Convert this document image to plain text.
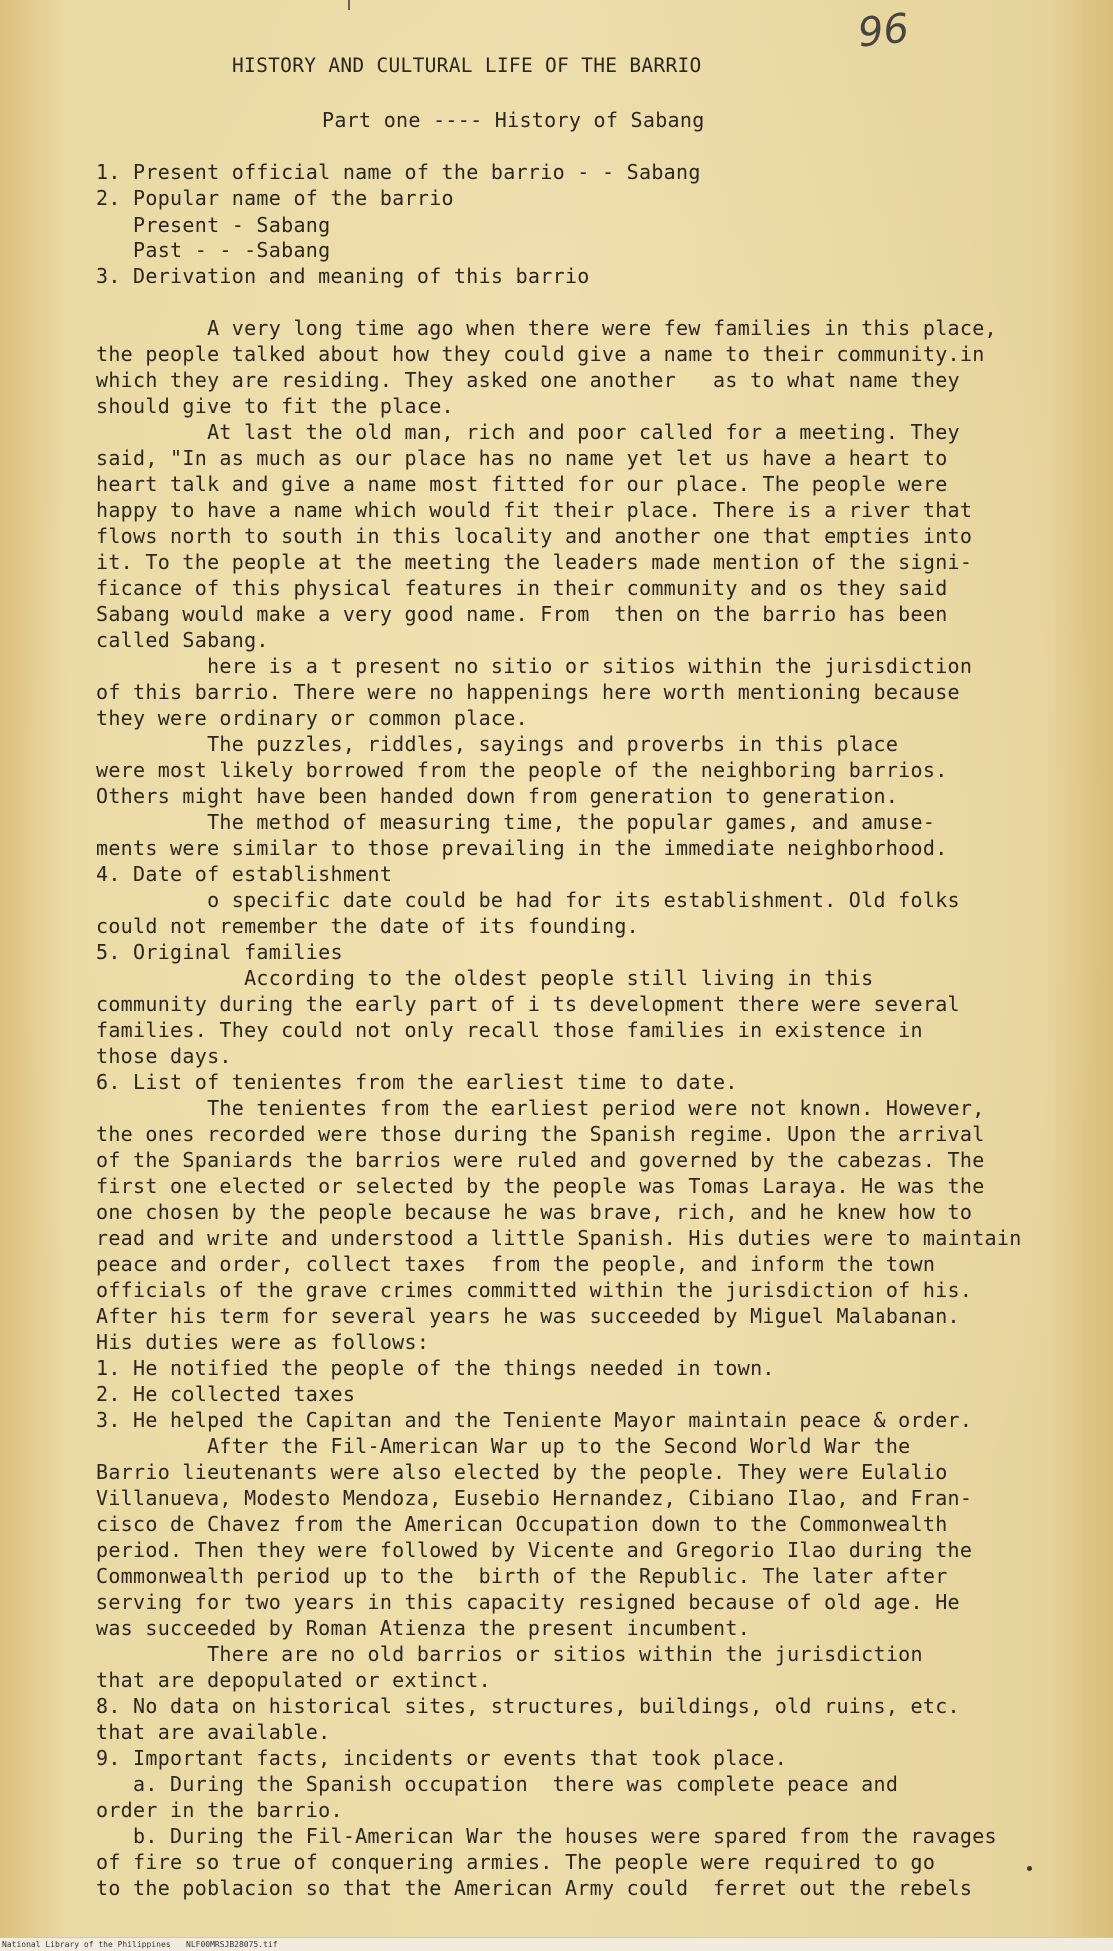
96
HISTORY AND CULTURAL LIFE OF THE BARRIO
Part one ---- History of Sabang
1. Present official name of the barrio - - Sabang
2. Popular name of the barrio
Present - Sabang
Past - - -Sabang
3. Derivation and meaning of this barrio
A very long time ago when there were few families in this place,
the people talked about how they could give a name to their community.in
which they are residing. They asked one another   as to what name they
should give to fit the place.
At last the old man, rich and poor called for a meeting. They
said, "In as much as our place has no name yet let us have a heart to
heart talk and give a name most fitted for our place. The people were
happy to have a name which would fit their place. There is a river that
flows north to south in this locality and another one that empties into
it. To the people at the meeting the leaders made mention of the signi-
ficance of this physical features in their community and os they said
Sabang would make a very good name. From  then on the barrio has been
called Sabang.
here is a t present no sitio or sitios within the jurisdiction
of this barrio. There were no happenings here worth mentioning because
they were ordinary or common place.
The puzzles, riddles, sayings and proverbs in this place
were most likely borrowed from the people of the neighboring barrios.
Others might have been handed down from generation to generation.
The method of measuring time, the popular games, and amuse-
ments were similar to those prevailing in the immediate neighborhood.
4. Date of establishment
o specific date could be had for its establishment. Old folks
could not remember the date of its founding.
5. Original families
According to the oldest people still living in this
community during the early part of i ts development there were several
families. They could not only recall those families in existence in
those days.
6. List of tenientes from the earliest time to date.
The tenientes from the earliest period were not known. However,
the ones recorded were those during the Spanish regime. Upon the arrival
of the Spaniards the barrios were ruled and governed by the cabezas. The
first one elected or selected by the people was Tomas Laraya. He was the
one chosen by the people because he was brave, rich, and he knew how to
read and write and understood a little Spanish. His duties were to maintain
peace and order, collect taxes  from the people, and inform the town
officials of the grave crimes committed within the jurisdiction of his.
After his term for several years he was succeeded by Miguel Malabanan.
His duties were as follows:
1. He notified the people of the things needed in town.
2. He collected taxes
3. He helped the Capitan and the Teniente Mayor maintain peace & order.
After the Fil-American War up to the Second World War the
Barrio lieutenants were also elected by the people. They were Eulalio
Villanueva, Modesto Mendoza, Eusebio Hernandez, Cibiano Ilao, and Fran-
cisco de Chavez from the American Occupation down to the Commonwealth
period. Then they were followed by Vicente and Gregorio Ilao during the
Commonwealth period up to the  birth of the Republic. The later after
serving for two years in this capacity resigned because of old age. He
was succeeded by Roman Atienza the present incumbent.
There are no old barrios or sitios within the jurisdiction
that are depopulated or extinct.
8. No data on historical sites, structures, buildings, old ruins, etc.
that are available.
9. Important facts, incidents or events that took place.
a. During the Spanish occupation  there was complete peace and
order in the barrio.
b. During the Fil-American War the houses were spared from the ravages
of fire so true of conquering armies. The people were required to go
to the poblacion so that the American Army could  ferret out the rebels
National Library of the Philippines NLF00MRSJB28075.tif
